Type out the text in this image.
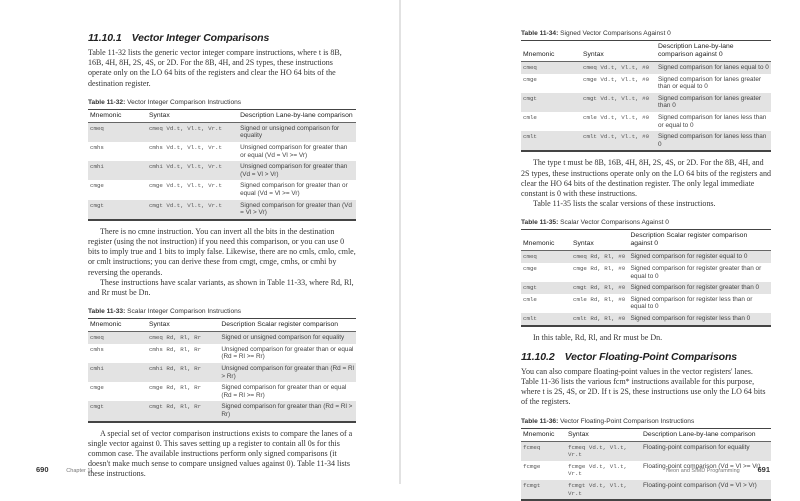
11.10.1 Vector Integer Comparisons

Table 11-32 lists the generic vector integer compare instructions, where t is 8B, 16B, 4H, 8H, 2S, 4S, or 2D. For the 8B, 4H, and 2S types, these instructions operate only on the LO 64 bits of the registers and clear the HO 64 bits of the destination register.

Table 11-32: Vector Integer Comparison Instructions
Mnemonic	Syntax	Description Lane-by-lane comparison
cmeq	cmeq Vd.t, Vl.t, Vr.t	Signed or unsigned comparison for equality
cmhs	cmhs Vd.t, Vl.t, Vr.t	Unsigned comparison for greater than or equal (Vd = Vl >= Vr)
cmhi	cmhi Vd.t, Vl.t, Vr.t	Unsigned comparison for greater than (Vd = Vl > Vr)
cmge	cmge Vd.t, Vl.t, Vr.t	Signed comparison for greater than or equal (Vd = Vl >= Vr)
cmgt	cmgt Vd.t, Vl.t, Vr.t	Signed comparison for greater than (Vd = Vl > Vr)

There is no cmne instruction. You can invert all the bits in the destination register (using the not instruction) if you need this comparison, or you can use 0 bits to imply true and 1 bits to imply false. Likewise, there are no cmls, cmlo, cmle, or cmlt instructions; you can derive these from cmgt, cmge, cmhs, or cmhi by reversing the operands.

These instructions have scalar variants, as shown in Table 11-33, where Rd, Rl, and Rr must be Dn.

Table 11-33: Scalar Integer Comparison Instructions
Mnemonic	Syntax	Description Scalar register comparison
cmeq	cmeq Rd, Rl, Rr	Signed or unsigned comparison for equality
cmhs	cmhs Rd, Rl, Rr	Unsigned comparison for greater than or equal (Rd = Rl >= Rr)
cmhi	cmhi Rd, Rl, Rr	Unsigned comparison for greater than (Rd = Rl > Rr)
cmge	cmge Rd, Rl, Rr	Signed comparison for greater than or equal (Rd = Rl >= Rr)
cmgt	cmgt Rd, Rl, Rr	Signed comparison for greater than (Rd = Rl > Rr)

A special set of vector comparison instructions exists to compare the lanes of a single vector against 0. This saves setting up a register to contain all 0s for this common case. The available instructions perform only signed comparisons (it doesn't make much sense to compare unsigned values against 0). Table 11-34 lists these instructions.

690	Chapter 11
Table 11-34: Signed Vector Comparisons Against 0
Mnemonic	Syntax	Description Lane-by-lane comparison against 0
cmeq	cmeq Vd.t, Vl.t, #0	Signed comparison for lanes equal to 0
cmge	cmge Vd.t, Vl.t, #0	Signed comparison for lanes greater than or equal to 0
cmgt	cmgt Vd.t, Vl.t, #0	Signed comparison for lanes greater than 0
cmle	cmle Vd.t, Vl.t, #0	Signed comparison for lanes less than or equal to 0
cmlt	cmlt Vd.t, Vl.t, #0	Signed comparison for lanes less than 0

The type t must be 8B, 16B, 4H, 8H, 2S, 4S, or 2D. For the 8B, 4H, and 2S types, these instructions operate only on the LO 64 bits of the registers and clear the HO 64 bits of the destination register. The only legal immediate constant is 0 with these instructions.

Table 11-35 lists the scalar versions of these instructions.

Table 11-35: Scalar Vector Comparisons Against 0
Mnemonic	Syntax	Description Scalar register comparison against 0
cmeq	cmeq Rd, Rl, #0	Signed comparison for register equal to 0
cmge	cmge Rd, Rl, #0	Signed comparison for register greater than or equal to 0
cmgt	cmgt Rd, Rl, #0	Signed comparison for register greater than 0
cmle	cmle Rd, Rl, #0	Signed comparison for register less than or equal to 0
cmlt	cmlt Rd, Rl, #0	Signed comparison for register less than 0

In this table, Rd, Rl, and Rr must be Dn.

11.10.2 Vector Floating-Point Comparisons

You can also compare floating-point values in the vector registers' lanes. Table 11-36 lists the various fcm* instructions available for this purpose, where t is 2S, 4S, or 2D. If t is 2S, these instructions use only the LO 64 bits of the registers.

Table 11-36: Vector Floating-Point Comparison Instructions
Mnemonic	Syntax	Description Lane-by-lane comparison
fcmeq	fcmeq Vd.t, Vl.t, Vr.t	Floating-point comparison for equality
fcmge	fcmge Vd.t, Vl.t, Vr.t	Floating-point comparison (Vd = Vl >= Vr)
fcmgt	fcmgt Vd.t, Vl.t, Vr.t	Floating-point comparison (Vd = Vl > Vr)
Neon and SIMD Programming 691
